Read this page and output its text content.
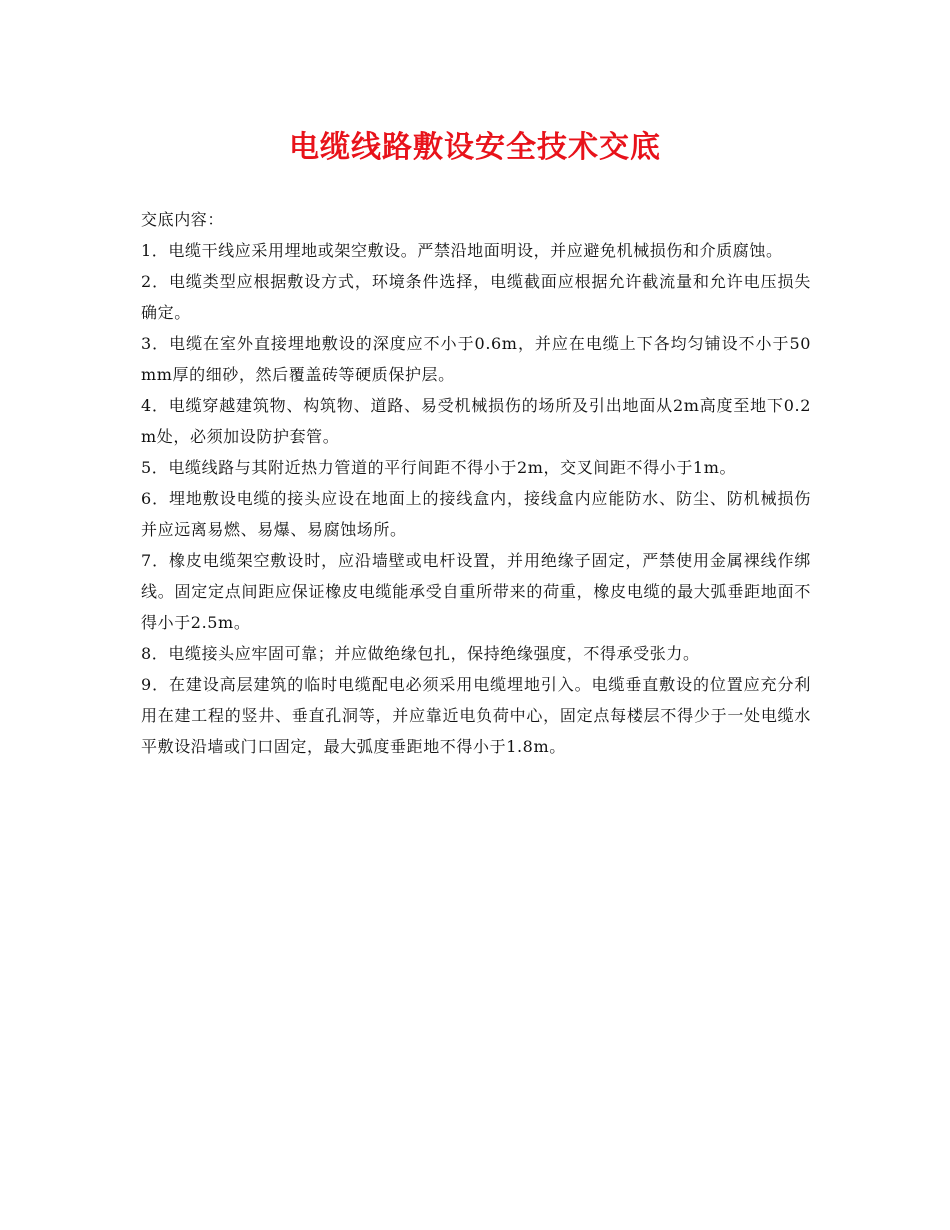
电缆线路敷设安全技术交底

交底内容：

1．电缆干线应采用埋地或架空敷设。严禁沿地面明设，并应避免机械损伤和介质腐蚀。

2．电缆类型应根据敷设方式，环境条件选择，电缆截面应根据允许截流量和允许电压损失确定。

3．电缆在室外直接埋地敷设的深度应不小于0.6m，并应在电缆上下各均匀铺设不小于50mm厚的细砂，然后覆盖砖等硬质保护层。

4．电缆穿越建筑物、构筑物、道路、易受机械损伤的场所及引出地面从2m高度至地下0.2m处，必须加设防护套管。

5．电缆线路与其附近热力管道的平行间距不得小于2m，交叉间距不得小于1m。

6．埋地敷设电缆的接头应设在地面上的接线盒内，接线盒内应能防水、防尘、防机械损伤并应远离易燃、易爆、易腐蚀场所。

7．橡皮电缆架空敷设时，应沿墙壁或电杆设置，并用绝缘子固定，严禁使用金属裸线作绑线。固定定点间距应保证橡皮电缆能承受自重所带来的荷重，橡皮电缆的最大弧垂距地面不得小于2.5m。

8．电缆接头应牢固可靠；并应做绝缘包扎，保持绝缘强度，不得承受张力。

9．在建设高层建筑的临时电缆配电必须采用电缆埋地引入。电缆垂直敷设的位置应充分利用在建工程的竖井、垂直孔洞等，并应靠近电负荷中心，固定点每楼层不得少于一处电缆水平敷设沿墙或门口固定，最大弧度垂距地不得小于1.8m。
